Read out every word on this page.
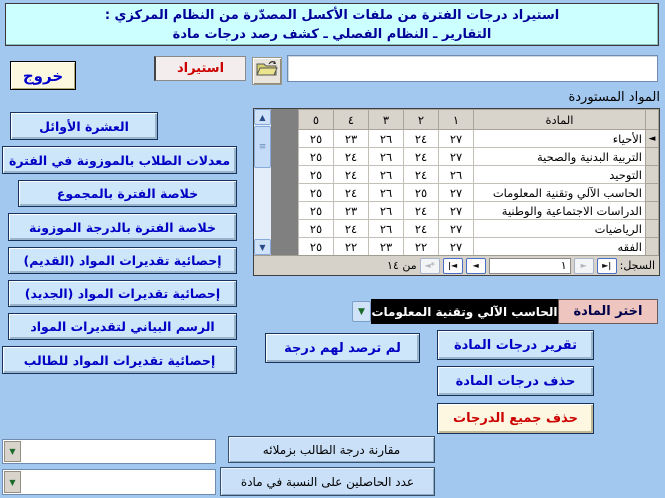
استيراد درجات الفترة من ملفات الأكسل المصدّرة من النظام المركزي :
التقارير ـ النظام الفصلي ـ كشف رصد درجات مادة
خروج	استيراد
المواد المستوردة
	المادة	١	٢	٣	٤	٥
◄	الأحياء	٢٧	٢٤	٢٦	٢٣	٢٥
	التربية البدنية والصحية	٢٧	٢٤	٢٦	٢٤	٢٥
	التوحيد	٢٦	٢٤	٢٦	٢٤	٢٥
	الحاسب الآلي وتقنية المعلومات	٢٧	٢٥	٢٦	٢٤	٢٥
	الدراسات الاجتماعية والوطنية	٢٧	٢٤	٢٦	٢٣	٢٥
	الرياضيات	٢٧	٢٤	٢٦	٢٤	٢٥
	الفقه	٢٧	٢٢	٢٣	٢٢	٢٥
▲
≡
▼
السجل:
►|
►
١
◄
|◄
◄*
من ١٤
العشرة الأوائل
معدلات الطلاب بالموزونة في الفترة
خلاصة الفترة بالمجموع
خلاصة الفترة بالدرجة الموزونة
إحصائية تقديرات المواد (القديم)
إحصائية تقديرات المواد (الجديد)
الرسم البياني لتقديرات المواد
إحصائية تقديرات المواد للطالب
اختر المادة
الحاسب الآلي وتقنية المعلومات
▼
لم ترصد لهم درجة	تقرير درجات المادة
حذف درجات المادة
حذف جميع الدرجات
مقارنة درجة الطالب بزملائه
▼
عدد الحاصلين على النسبة في مادة
▼
